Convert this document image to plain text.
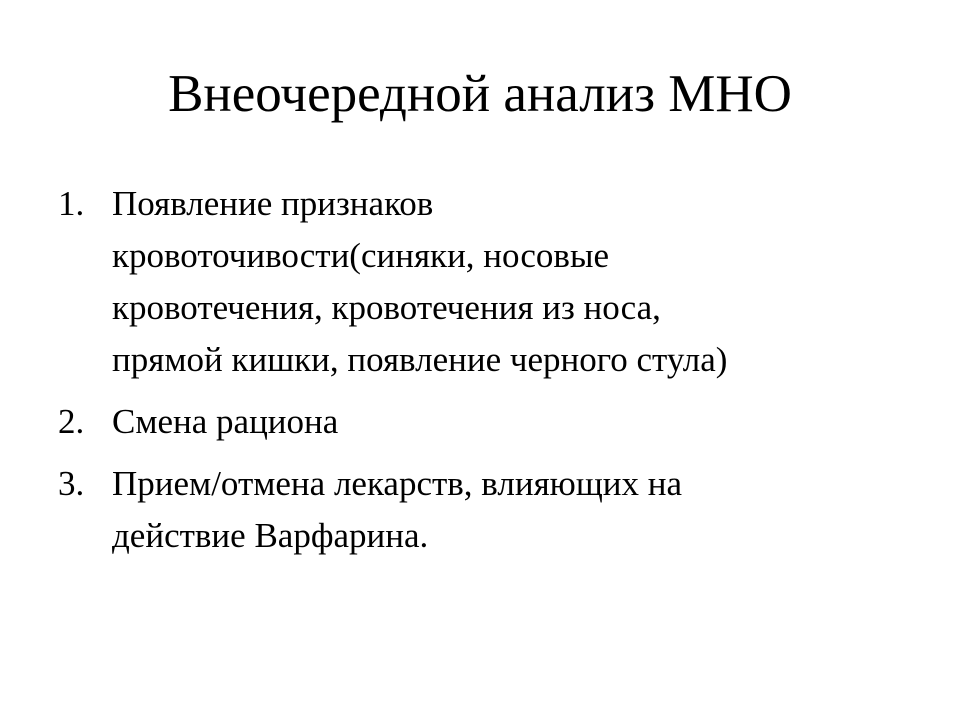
Внеочередной анализ МНО
1. Появление признаков
кровоточивости(синяки, носовые
кровотечения, кровотечения из носа,
прямой кишки, появление черного стула)
2. Смена рациона
3. Прием/отмена лекарств, влияющих на
действие Варфарина.
